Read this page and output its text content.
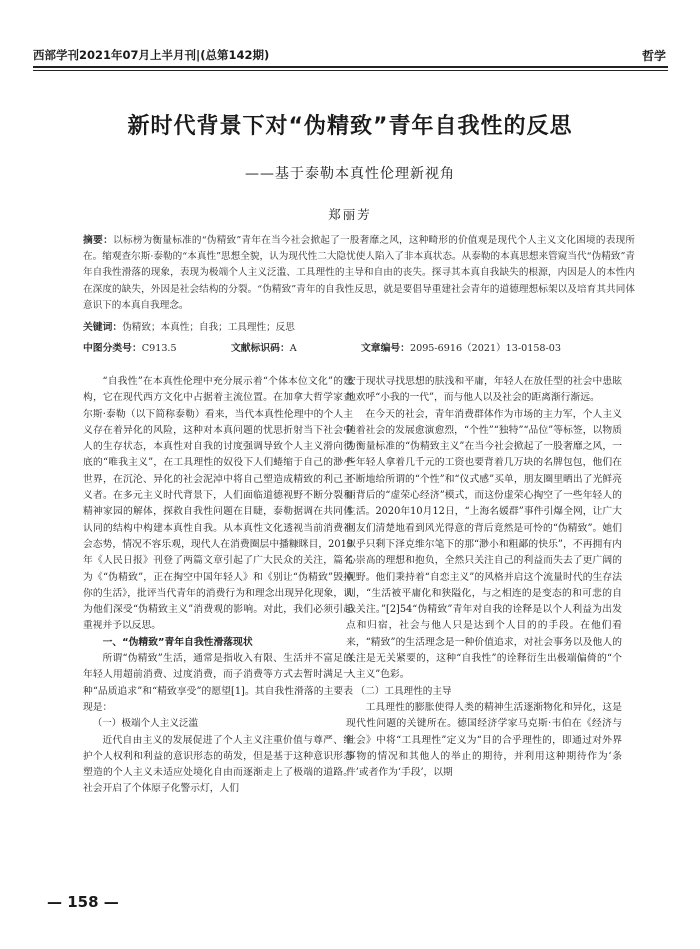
西部学刊2021年07月上半月刊|(总第142期)	哲学
新时代背景下对“伪精致”青年自我性的反思
——基于泰勒本真性伦理新视角
郑丽芳
摘要：以标榜为衡量标准的“伪精致”青年在当今社会掀起了一股奢靡之风，这种畸形的价值观是现代个人主义文化困境的表现所在。缩观查尔斯·泰勒的“本真性”思想全貌，认为现代性二大隐忧使人陷入了非本真状态。从泰勒的本真思想来管窥当代“伪精致”青年自我性滑落的现象，表现为极端个人主义泛滥、工具理性的主导和自由的丧失。探寻其本真自我缺失的根源，内因是人的本性内在深度的缺失，外因是社会结构的分裂。“伪精致”青年的自我性反思，就是要倡导重建社会青年的道德理想标架以及培育其共同体意识下的本真自我理念。
关键词：伪精致；本真性；自我；工具理性；反思
中图分类号：C913.5	文献标识码：A	文章编号：2095-6916（2021）13-0158-03

“自我性”在本真性伦理中充分展示着“个体本位文化”的建构，它在现代西方文化中占据着主流位置。在加拿大哲学家查尔斯·泰勒（以下简称泰勒）看来，当代本真性伦理中的个人主义存在着异化的风险，这种对本真问题的忧思折射当下社会中人的生存状态，本真性对自我的讨度强调导致个人主义滑向彻底的“唯我主义”，在工具理性的奴役下人们蜷缩于自己的渺小世界，在沉沦、异化的社会泥淖中将自己塑造成精致的利己主义者。在多元主义时代背景下，人们面临道德视野不断分裂和精神家园的解体，探救自我性问题在目睫，泰勒据调在共同体认同的结构中构建本真性自我。从本真性文化透视当前消费社会态势，情况不容乐观，现代人在消费圈层中播糠眯目，2019年《人民日报》刊登了两篇文章引起了广大民众的关注，篇名为《“伪精致”，正在掏空中国年轻人》和《别让“伪精致”毁掉你的生活》，批评当代青年的消费行为和理念出现异化现象，认为他们深受“伪精致主义”消费观的影响。对此，我们必须引起重视并予以反思。

一、“伪精致”青年自我性滑落现状

所谓“伪精致”生活，通常是指收入有限、生活并不富足的年轻人用超前消费、过度消费，而子消费等方式去暂时满足一种“品质追求”和“精致享受”的愿望[1]。其自我性滑落的主要表现是：

（一）极端个人主义泛滥

近代自由主义的发展促进了个人主义注重价值与尊严、维护个人权利和利益的意识形态的萌发，但是基于这种意识形态塑造的个人主义未适应处境化自由而逐渐走上了极端的道路。社会开启了个体原子化警示灯，人们

安于现状寻找思想的肤浅和平庸，年轻人在放任型的社会中患眩地欢呼“小我的一代”，而与他人以及社会的距离渐行渐远。

在今天的社会，青年消费群体作为市场的主力军，个人主义随着社会的发展愈演愈烈，“个性”“独特”“品位”等标签，以物质为衡量标准的“伪精致主义”在当今社会掀起了一股奢靡之风，一些年轻人拿着几千元的工资也要背着几万块的名牌包包，他们在不断地给所谓的“个性”和“仪式感”买单，朋友圈里晒出了光鲜亮丽背后的“虚荣心经济”模式，而这份虚荣心掏空了一些年轻人的生活。2020年10月12日，“上海名媛群”事件引爆全网，让广大网友们清楚地看到风光得意的背后竟然是可怜的“伪精致”。她们似乎只剩下泽克维尔笔下的那“渺小和粗鄙的快乐”，不再拥有内心崇高的理想和抱负，全然只关注自己的利益而失去了更广阔的视野。他们秉持着“自恋主义”的风格并启这个流量时代的生存法则，“生活被平庸化和狭隘化，与之相连的是变态的和可悲的自我关注。”[2]54“伪精致”青年对自我的诠释是以个人利益为出发点和归宿，社会与他人只是达到个人目的的手段。在他们看来，“精致”的生活理念是一种价值追求，对社会事务以及他人的关注是无关紧要的，这种“自我性”的诠释衍生出极端偏倚的“个人主义”色彩。

（二）工具理性的主导

工具理性的膨胀使得人类的精神生活逐渐物化和异化，这是现代性问题的关键所在。德国经济学家马克斯·韦伯在《经济与社会》中将“工具理性”定义为“目的合乎理性的，即通过对外界事物的情况和其他人的举止的期待，并利用这种期待作为‘条件’或者作为‘手段’，以期

— 158 —
